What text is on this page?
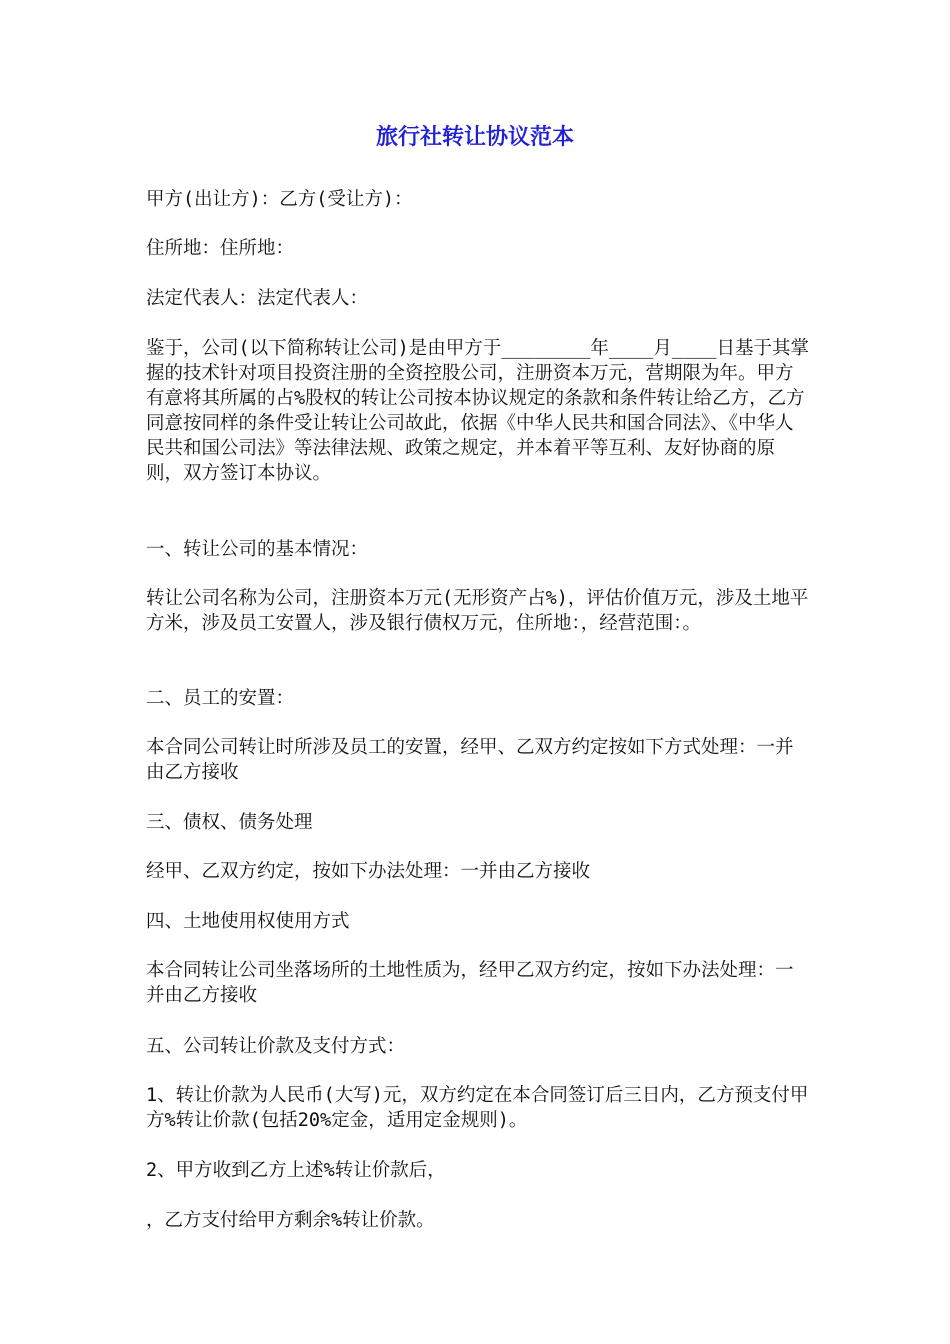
旅行社转让协议范本

甲方(出让方)：乙方(受让方)：

住所地：住所地：

法定代表人：法定代表人：

鉴于，公司(以下简称转让公司)是由甲方于________年____月____日基于其掌握的技术针对项目投资注册的全资控股公司，注册资本万元，营期限为年。甲方有意将其所属的占%股权的转让公司按本协议规定的条款和条件转让给乙方，乙方同意按同样的条件受让转让公司故此，依据《中华人民共和国合同法》、《中华人民共和国公司法》等法律法规、政策之规定，并本着平等互利、友好协商的原则，双方签订本协议。

一、转让公司的基本情况：

转让公司名称为公司，注册资本万元(无形资产占%)，评估价值万元，涉及土地平方米，涉及员工安置人，涉及银行债权万元，住所地：，经营范围：。

二、员工的安置：

本合同公司转让时所涉及员工的安置，经甲、乙双方约定按如下方式处理：一并由乙方接收

三、债权、债务处理

经甲、乙双方约定，按如下办法处理：一并由乙方接收

四、土地使用权使用方式

本合同转让公司坐落场所的土地性质为，经甲乙双方约定，按如下办法处理：一并由乙方接收

五、公司转让价款及支付方式：

1、转让价款为人民币(大写)元，双方约定在本合同签订后三日内，乙方预支付甲方%转让价款(包括20%定金，适用定金规则)。

2、甲方收到乙方上述%转让价款后，

，乙方支付给甲方剩余%转让价款。
